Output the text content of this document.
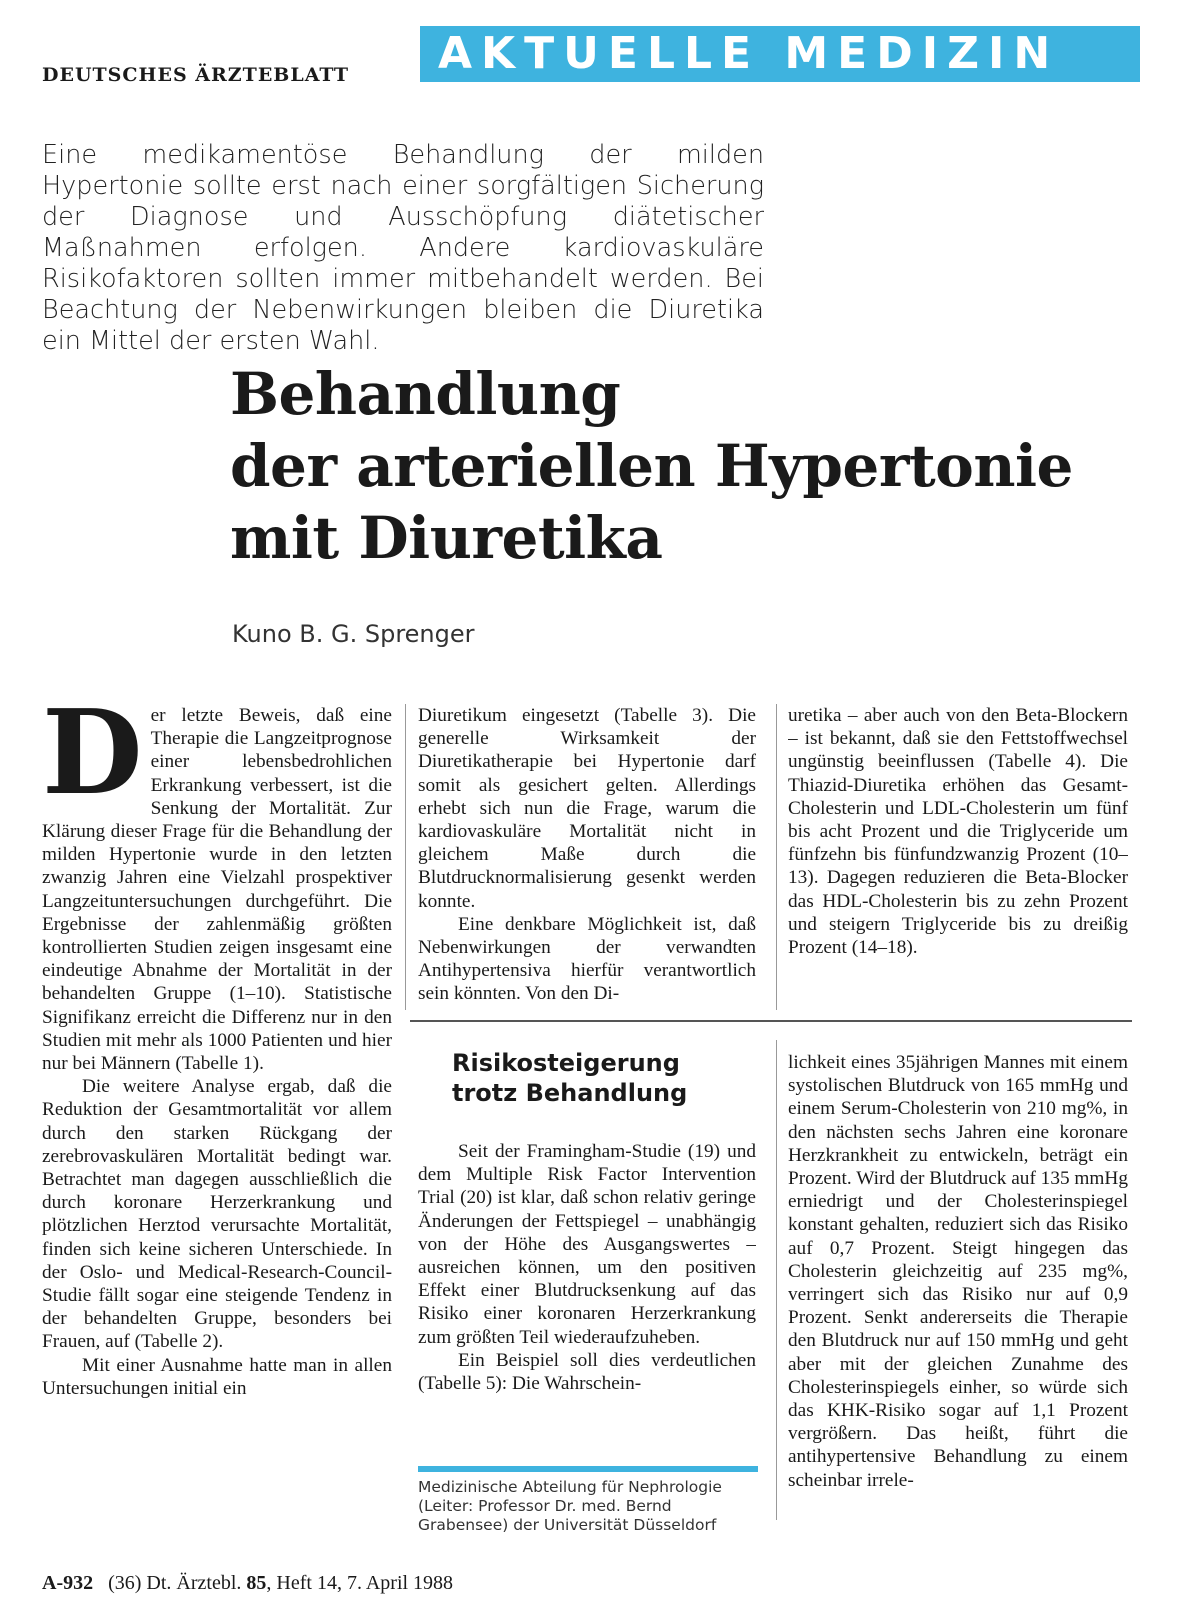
DEUTSCHES ÄRZTEBLATT	AKTUELLE MEDIZIN
Eine medikamentöse Behandlung der milden Hypertonie sollte erst nach einer sorgfältigen Sicherung der Diagnose und Ausschöpfung diätetischer Maßnahmen erfolgen. Andere kardiovaskuläre Risikofaktoren sollten immer mitbehandelt werden. Bei Beachtung der Nebenwirkungen bleiben die Diuretika ein Mittel der ersten Wahl.
Behandlung
der arteriellen Hypertonie
mit Diuretika
Kuno B. G. Sprenger
D er letzte Beweis, daß eine Therapie die Langzeitprognose einer lebensbedrohlichen Erkrankung verbessert, ist die Senkung der Mortalität. Zur Klärung dieser Frage für die Behandlung der milden Hypertonie wurde in den letzten zwanzig Jahren eine Vielzahl prospektiver Langzeituntersuchungen durchgeführt. Die Ergebnisse der zahlenmäßig größten kontrollierten Studien zeigen insgesamt eine eindeutige Abnahme der Mortalität in der behandelten Gruppe (1–10). Statistische Signifikanz erreicht die Differenz nur in den Studien mit mehr als 1000 Patienten und hier nur bei Männern (Tabelle 1).

Die weitere Analyse ergab, daß die Reduktion der Gesamtmortalität vor allem durch den starken Rückgang der zerebrovaskulären Mortalität bedingt war. Betrachtet man dagegen ausschließlich die durch koronare Herzerkrankung und plötzlichen Herztod verursachte Mortalität, finden sich keine sicheren Unterschiede. In der Oslo- und Medical-Research-Council-Studie fällt sogar eine steigende Tendenz in der behandelten Gruppe, besonders bei Frauen, auf (Tabelle 2).

Mit einer Ausnahme hatte man in allen Untersuchungen initial ein

Diuretikum eingesetzt (Tabelle 3). Die generelle Wirksamkeit der Diuretikatherapie bei Hypertonie darf somit als gesichert gelten. Allerdings erhebt sich nun die Frage, warum die kardiovaskuläre Mortalität nicht in gleichem Maße durch die Blutdrucknormalisierung gesenkt werden konnte.

Eine denkbare Möglichkeit ist, daß Nebenwirkungen der verwandten Antihypertensiva hierfür verantwortlich sein könnten. Von den Di-

uretika – aber auch von den Beta-Blockern – ist bekannt, daß sie den Fettstoffwechsel ungünstig beeinflussen (Tabelle 4). Die Thiazid-Diuretika erhöhen das Gesamt-Cholesterin und LDL-Cholesterin um fünf bis acht Prozent und die Triglyceride um fünfzehn bis fünfundzwanzig Prozent (10–13). Dagegen reduzieren die Beta-Blocker das HDL-Cholesterin bis zu zehn Prozent und steigern Triglyceride bis zu dreißig Prozent (14–18).

Risikosteigerung trotz Behandlung

Seit der Framingham-Studie (19) und dem Multiple Risk Factor Intervention Trial (20) ist klar, daß schon relativ geringe Änderungen der Fettspiegel – unabhängig von der Höhe des Ausgangswertes – ausreichen können, um den positiven Effekt einer Blutdrucksenkung auf das Risiko einer koronaren Herzerkrankung zum größten Teil wiederaufzuheben.

Ein Beispiel soll dies verdeutlichen (Tabelle 5): Die Wahrschein-

Medizinische Abteilung für Nephrologie (Leiter: Professor Dr. med. Bernd Grabensee) der Universität Düsseldorf

lichkeit eines 35jährigen Mannes mit einem systolischen Blutdruck von 165 mmHg und einem Serum-Cholesterin von 210 mg%, in den nächsten sechs Jahren eine koronare Herzkrankheit zu entwickeln, beträgt ein Prozent. Wird der Blutdruck auf 135 mmHg erniedrigt und der Cholesterinspiegel konstant gehalten, reduziert sich das Risiko auf 0,7 Prozent. Steigt hingegen das Cholesterin gleichzeitig auf 235 mg%, verringert sich das Risiko nur auf 0,9 Prozent. Senkt andererseits die Therapie den Blutdruck nur auf 150 mmHg und geht aber mit der gleichen Zunahme des Cholesterinspiegels einher, so würde sich das KHK-Risiko sogar auf 1,1 Prozent vergrößern. Das heißt, führt die antihypertensive Behandlung zu einem scheinbar irrele-

A-932 (36) Dt. Ärztebl. 85, Heft 14, 7. April 1988
